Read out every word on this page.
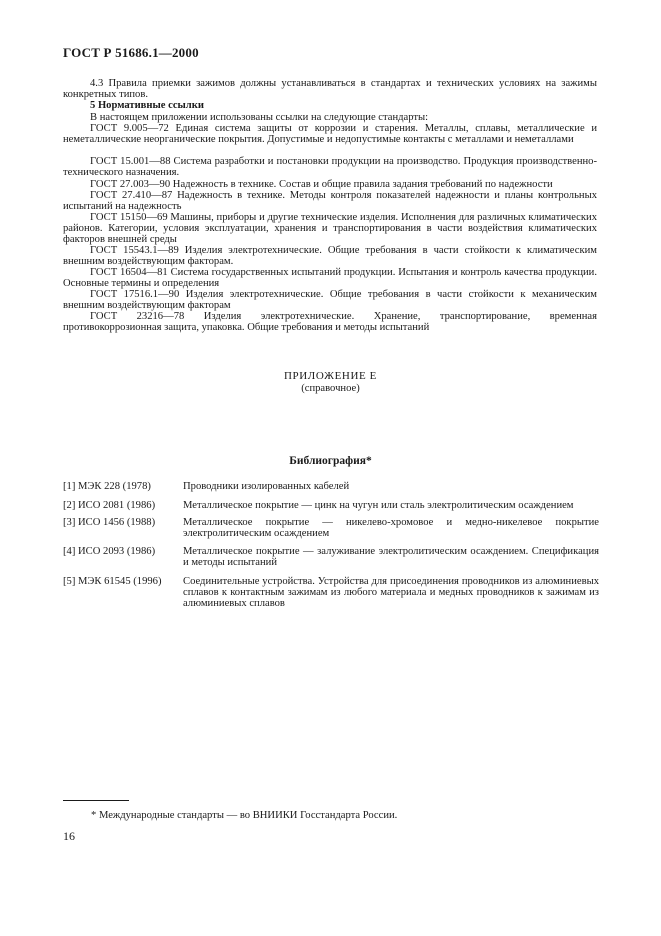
ГОСТ Р 51686.1—2000
4.3 Правила приемки зажимов должны устанавливаться в стандартах и технических условиях на зажимы конкретных типов.
5 Нормативные ссылки
В настоящем приложении использованы ссылки на следующие стандарты:
ГОСТ 9.005—72 Единая система защиты от коррозии и старения. Металлы, сплавы, металлические и неметаллические неорганические покрытия. Допустимые и недопустимые контакты с металлами и неметаллами
ГОСТ 15.001—88 Система разработки и постановки продукции на производство. Продукция производственно-технического назначения.
ГОСТ 27.003—90 Надежность в технике. Состав и общие правила задания требований по надежности
ГОСТ 27.410—87 Надежность в технике. Методы контроля показателей надежности и планы контрольных испытаний на надежность
ГОСТ 15150—69 Машины, приборы и другие технические изделия. Исполнения для различных климатических районов. Категории, условия эксплуатации, хранения и транспортирования в части воздействия климатических факторов внешней среды
ГОСТ 15543.1—89 Изделия электротехнические. Общие требования в части стойкости к климатическим внешним воздействующим факторам.
ГОСТ 16504—81 Система государственных испытаний продукции. Испытания и контроль качества продукции. Основные термины и определения
ГОСТ 17516.1—90 Изделия электротехнические. Общие требования в части стойкости к механическим внешним воздействующим факторам
ГОСТ 23216—78 Изделия электротехнические. Хранение, транспортирование, временная противокоррозионная защита, упаковка. Общие требования и методы испытаний
ПРИЛОЖЕНИЕ Е
(справочное)
Библиография*
[1] МЭК 228 (1978)	Проводники изолированных кабелей
[2] ИСО 2081 (1986)	Металлическое покрытие — цинк на чугун или сталь электролитическим осаждением
[3] ИСО 1456 (1988)	Металлическое покрытие — никелево-хромовое и медно-никелевое покрытие электролитическим осаждением
[4] ИСО 2093 (1986)	Металлическое покрытие — залуживание электролитическим осаждением. Спецификация и методы испытаний
[5] МЭК 61545 (1996)	Соединительные устройства. Устройства для присоединения проводников из алюминиевых сплавов к контактным зажимам из любого материала и медных проводников к зажимам из алюминиевых сплавов
* Международные стандарты — во ВНИИКИ Госстандарта России.
16
